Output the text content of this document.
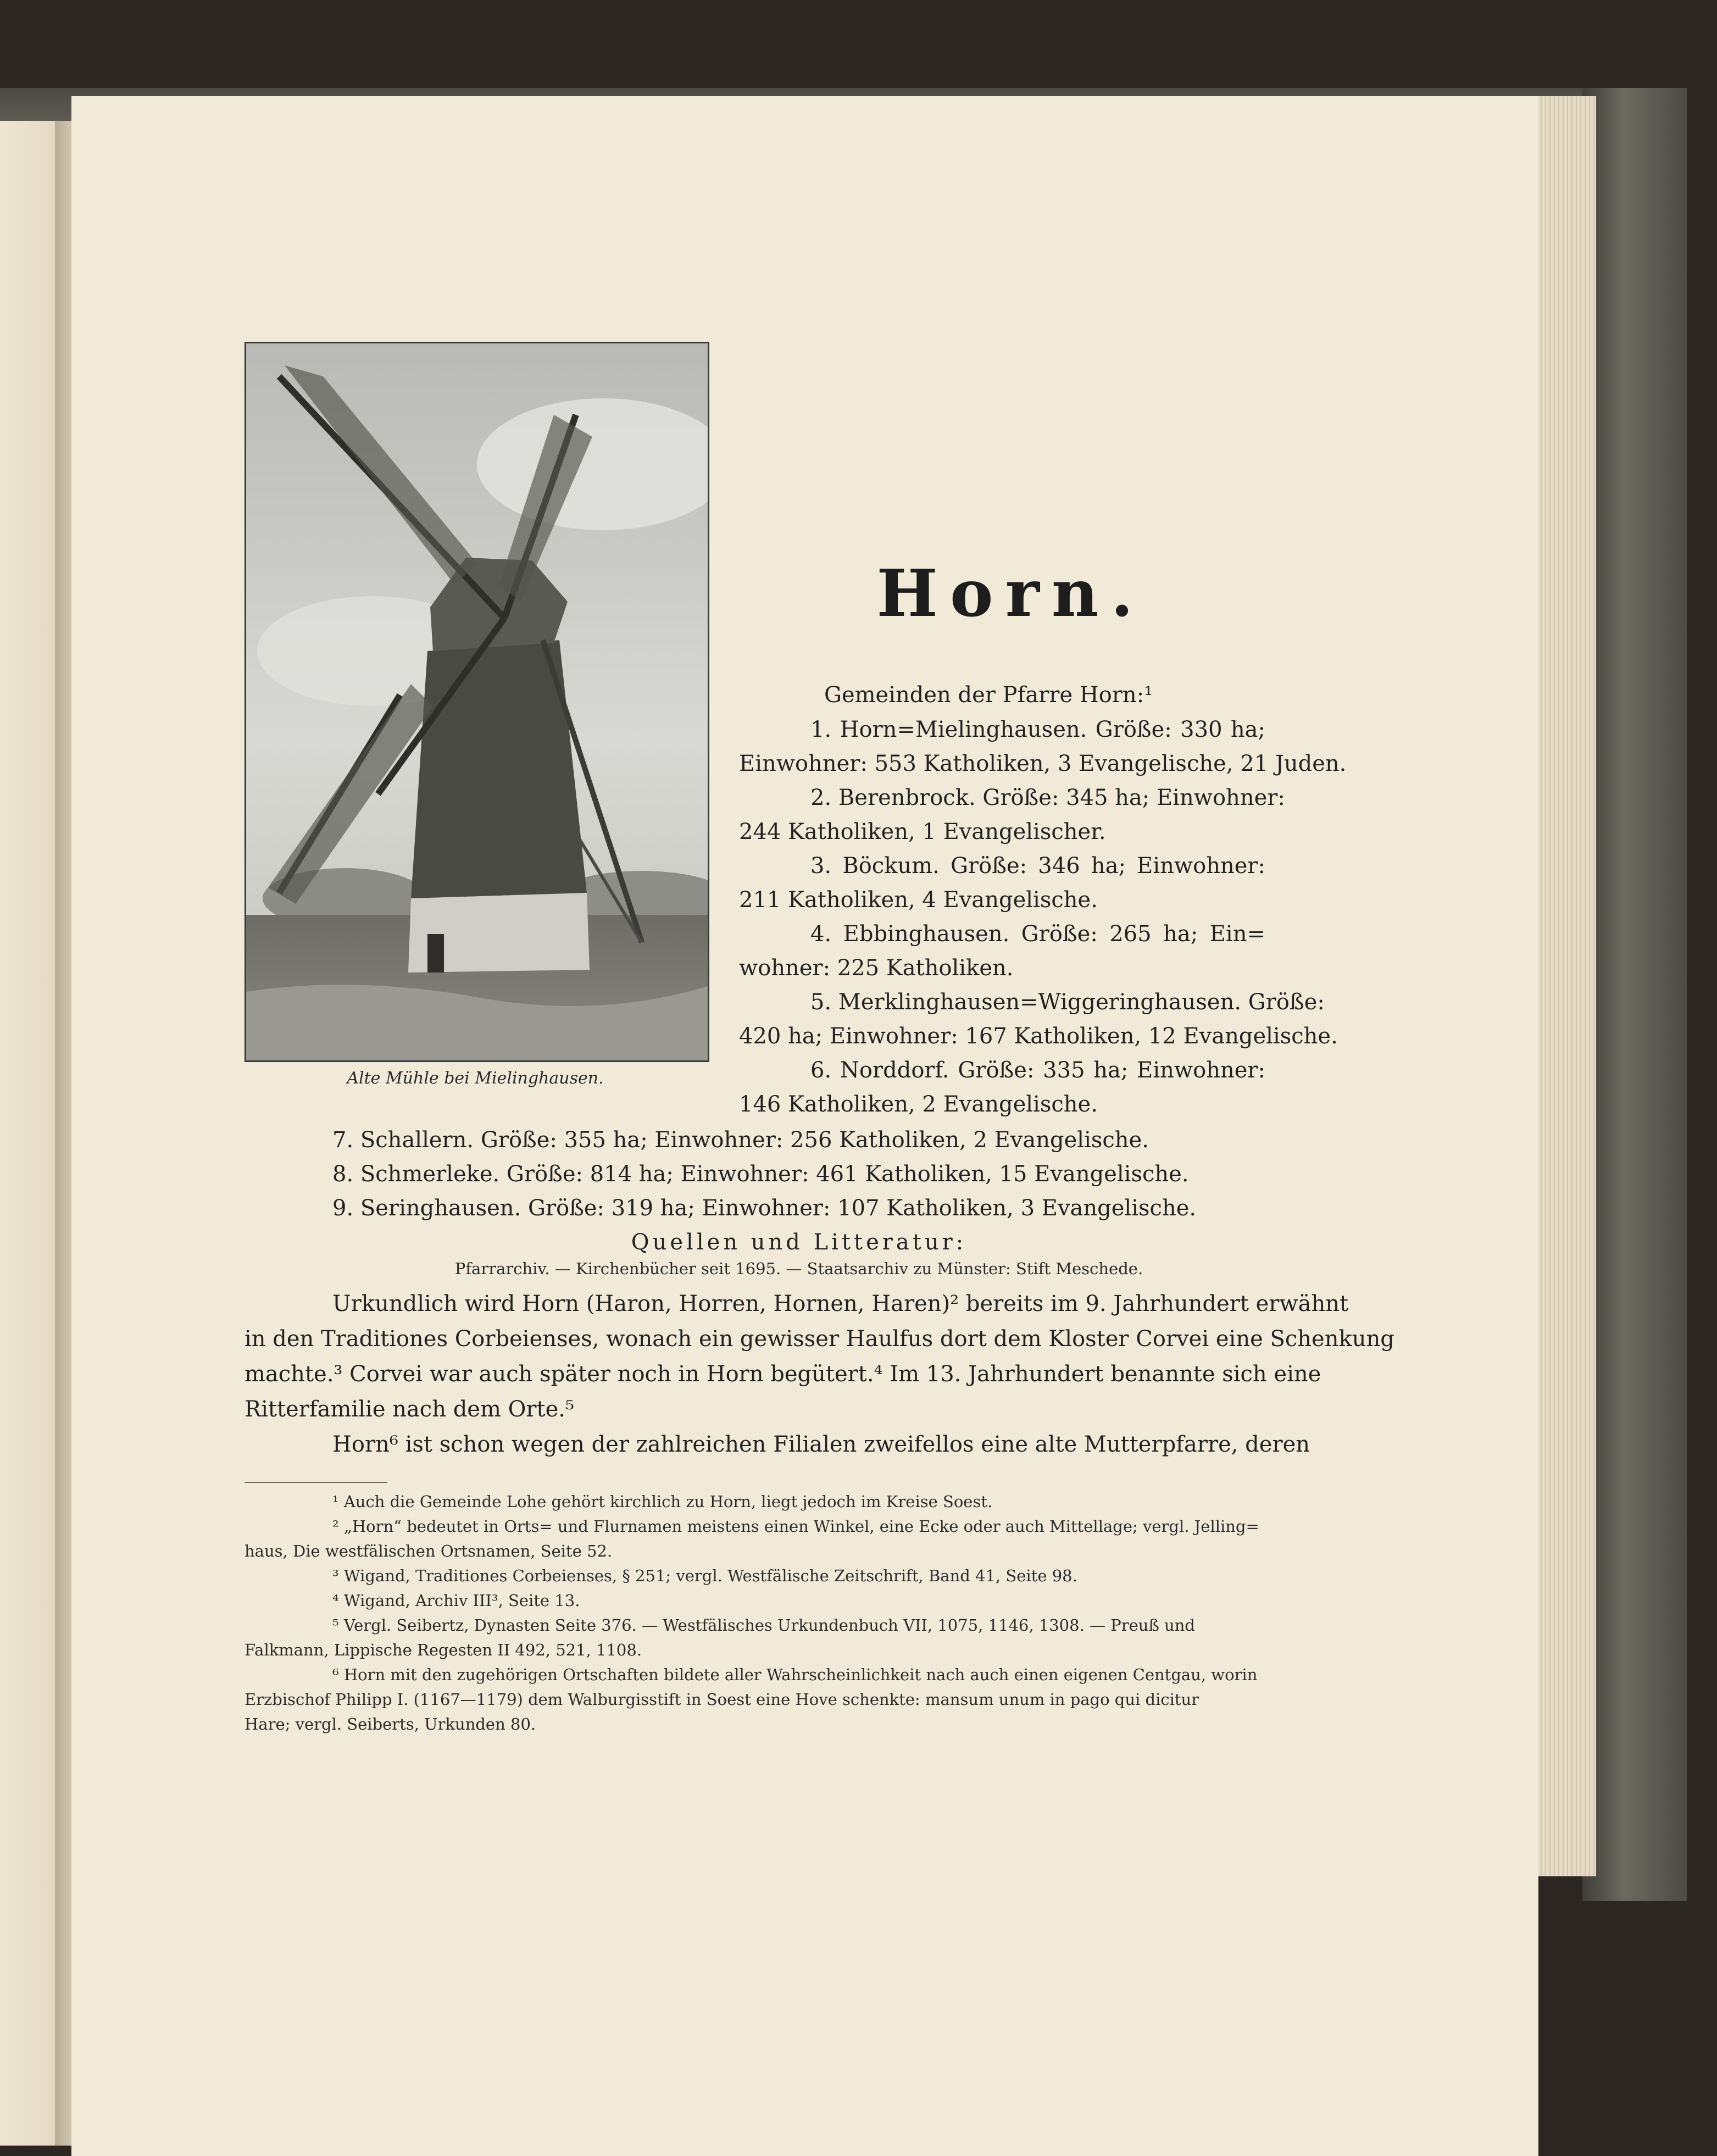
Alte Mühle bei Mielinghausen.
Horn.
Gemeinden der Pfarre Horn:¹
1. Horn=Mielinghausen. Größe: 330 ha;
Einwohner: 553 Katholiken, 3 Evangelische, 21 Juden.
2. Berenbrock. Größe: 345 ha; Einwohner:
244 Katholiken, 1 Evangelischer.
3. Böckum. Größe: 346 ha; Einwohner:
211 Katholiken, 4 Evangelische.
4. Ebbinghausen. Größe: 265 ha; Ein=
wohner: 225 Katholiken.
5. Merklinghausen=Wiggeringhausen. Größe:
420 ha; Einwohner: 167 Katholiken, 12 Evangelische.
6. Norddorf. Größe: 335 ha; Einwohner:
146 Katholiken, 2 Evangelische.
7. Schallern. Größe: 355 ha; Einwohner: 256 Katholiken, 2 Evangelische.
8. Schmerleke. Größe: 814 ha; Einwohner: 461 Katholiken, 15 Evangelische.
9. Seringhausen. Größe: 319 ha; Einwohner: 107 Katholiken, 3 Evangelische.
Quellen und Litteratur:
Pfarrarchiv. — Kirchenbücher seit 1695. — Staatsarchiv zu Münster: Stift Meschede.
Urkundlich wird Horn (Haron, Horren, Hornen, Haren)² bereits im 9. Jahrhundert erwähnt
in den Traditiones Corbeienses, wonach ein gewisser Haulfus dort dem Kloster Corvei eine Schenkung
machte.³ Corvei war auch später noch in Horn begütert.⁴ Im 13. Jahrhundert benannte sich eine
Ritterfamilie nach dem Orte.⁵
Horn⁶ ist schon wegen der zahlreichen Filialen zweifellos eine alte Mutterpfarre, deren
¹ Auch die Gemeinde Lohe gehört kirchlich zu Horn, liegt jedoch im Kreise Soest.
² „Horn“ bedeutet in Orts= und Flurnamen meistens einen Winkel, eine Ecke oder auch Mittellage; vergl. Jelling=
haus, Die westfälischen Ortsnamen, Seite 52.
³ Wigand, Traditiones Corbeienses, § 251; vergl. Westfälische Zeitschrift, Band 41, Seite 98.
⁴ Wigand, Archiv III³, Seite 13.
⁵ Vergl. Seibertz, Dynasten Seite 376. — Westfälisches Urkundenbuch VII, 1075, 1146, 1308. — Preuß und
Falkmann, Lippische Regesten II 492, 521, 1108.
⁶ Horn mit den zugehörigen Ortschaften bildete aller Wahrscheinlichkeit nach auch einen eigenen Centgau, worin
Erzbischof Philipp I. (1167—1179) dem Walburgisstift in Soest eine Hove schenkte: mansum unum in pago qui dicitur
Hare; vergl. Seiberts, Urkunden 80.
